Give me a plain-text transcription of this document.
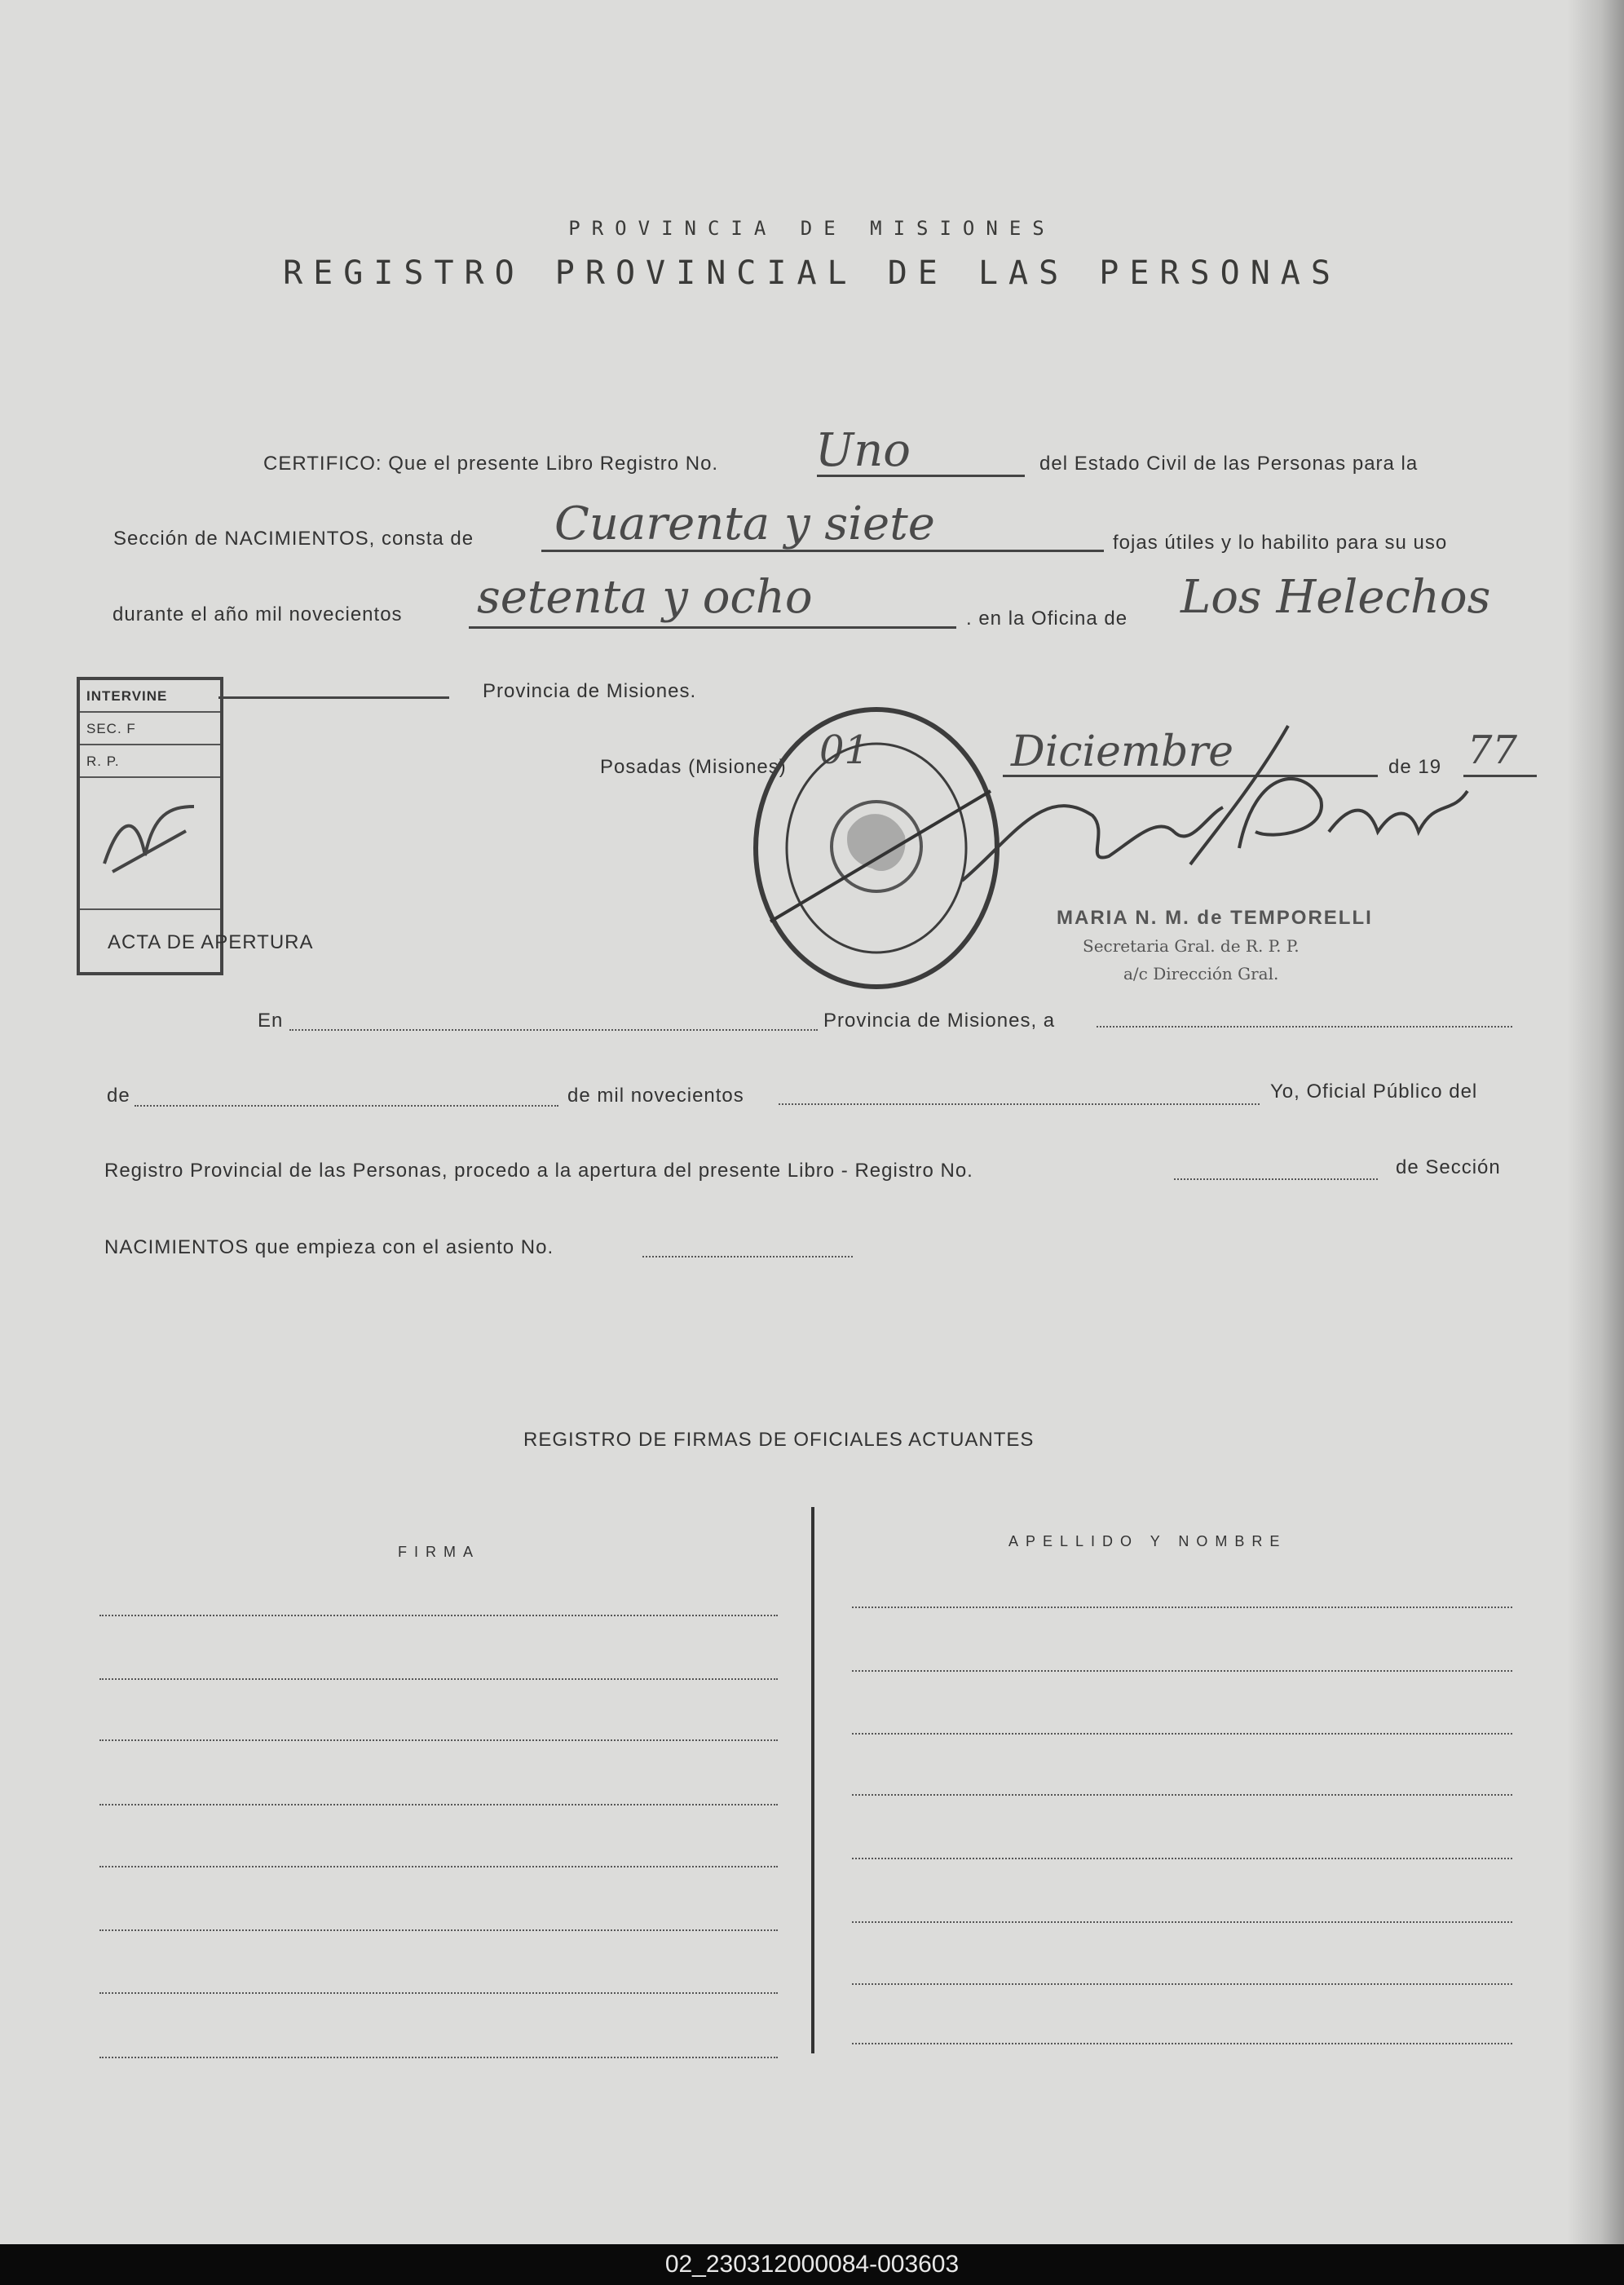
PROVINCIA DE MISIONES
REGISTRO PROVINCIAL DE LAS PERSONAS
CERTIFICO: Que el presente Libro Registro No. Uno	del Estado Civil de las Personas para la
Sección de NACIMIENTOS, consta de Cuarenta y siete	fojas útiles y lo habilito para su uso
durante el año mil novecientos setenta y ocho	. en la Oficina de Los Helechos
Provincia de Misiones.
Posadas (Misiones) 01	Diciembre	de 19 77
INTERVINE
SEC. F
R. P.
ACTA DE APERTURA
MARIA N. M. de TEMPORELLI
Secretaria Gral. de R. P. P.
a/c Dirección Gral.
En	Provincia de Misiones, a
de	de mil novecientos	Yo, Oficial Público del
Registro Provincial de las Personas, procedo a la apertura del presente Libro - Registro No.	de Sección
NACIMIENTOS que empieza con el asiento No.
REGISTRO DE FIRMAS DE OFICIALES ACTUANTES
FIRMA
APELLIDO Y NOMBRE
02_230312000084-003603
